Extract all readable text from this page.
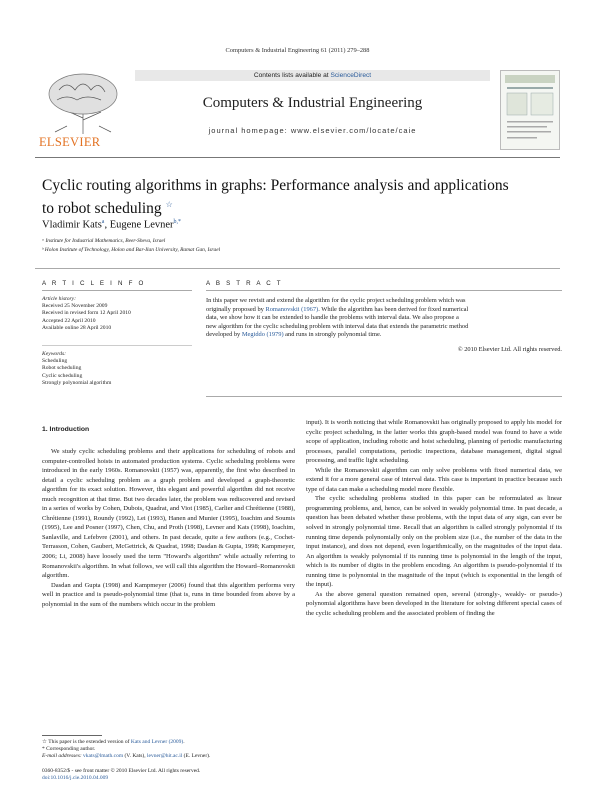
Computers & Industrial Engineering 61 (2011) 279–288
ELSEVIER
Contents lists available at ScienceDirect
Computers & Industrial Engineering
journal homepage: www.elsevier.com/locate/caie
Cyclic routing algorithms in graphs: Performance analysis and applications
to robot scheduling ☆
Vladimir Kats$^a$, Eugene Levner$^{b,*}$
ᵃ Institute for Industrial Mathematics, Beer-Sheva, Israel
ᵇ Holon Institute of Technology, Holon and Bar-Ilan University, Ramat Gan, Israel
A R T I C L E I N F O
Article history:
Received 25 November 2009
Received in revised form 12 April 2010
Accepted 22 April 2010
Available online 28 April 2010
Keywords:
Scheduling
Robot scheduling
Cyclic scheduling
Strongly polynomial algorithm
A B S T R A C T
In this paper we revisit and extend the algorithm for the cyclic project scheduling problem which was
originally proposed by Romanovskii (1967). While the algorithm has been derived for fixed numerical
data, we show how it can be extended to handle the problems with interval data. We also propose a
new algorithm for the cyclic scheduling problem with interval data that extends the parametric method
developed by Megiddo (1979) and runs in strongly polynomial time.
© 2010 Elsevier Ltd. All rights reserved.
1. Introduction

We study cyclic scheduling problems and their applications for scheduling of robots and computer-controlled hoists in automated production systems. Cyclic scheduling problems were introduced in the early 1960s. Romanovskii (1957) was, apparently, the first who described in detail a cyclic scheduling problem as a graph problem and developed a graph-theoretic algorithm for its exact solution. However, this elegant and powerful algorithm did not receive much recognition at that time. But two decades later, the problem was rediscovered and revised in a series of works by Cohen, Dubois, Quadrat, and Viot (1985), Carlier and Chrétienne (1988), Chrétienne (1991), Roundy (1992), Lei (1993), Hanen and Munier (1995), Ioachim and Soumis (1995), Lee and Posner (1997), Chen, Chu, and Proth (1998), Levner and Kats (1998), Ioachim, Sanlaville, and Lefebvre (2001), and others. In past decade, quite a few authors (e.g., Cochet-Terrasson, Cohen, Gaubert, McGettrick, & Quadrat, 1998; Dasdan & Gupta, 1998; Kampmeyer, 2006; Li, 2008) have loosely used the term "Howard's algorithm" while actually referring to Romanovskii's algorithm. In what follows, we will call this algorithm the Howard–Romanovskii algorithm.

Dasdan and Gupta (1998) and Kampmeyer (2006) found that this algorithm performs very well in practice and is pseudo-polynomial time (that is, runs in time bounded from above by a polynomial in the sum of the numbers which occur in the problem

input). It is worth noticing that while Romanovskii has originally proposed to apply his model for cyclic project scheduling, in the latter works this graph-based model was found to have a wide scope of application, including robotic and hoist scheduling, planning of periodic manufacturing processes, parallel computations, periodic inspections, database management, digital signal processing, and traffic light scheduling.

While the Romanovskii algorithm can only solve problems with fixed numerical data, we extend it for a more general case of interval data. This case is important in practice because such type of data can make a scheduling model more flexible.

The cyclic scheduling problems studied in this paper can be reformulated as linear programming problems, and, hence, can be solved in weakly polynomial time. In past decade, a question has been debated whether these problems, with the input data of any sign, can ever be solved in strongly polynomial time. Recall that an algorithm is called strongly polynomial if its running time depends polynomially only on the problem size (i.e., the number of the data in the input instance), and does not depend, even logarithmically, on the magnitudes of the input data. An algorithm is weakly polynomial if its running time is polynomial in the length of the input, which is its number of digits in the problem encoding. An algorithm is pseudo-polynomial if its running time is polynomial in the magnitude of the input (which is exponential in the length of the input).

As the above general question remained open, several (strongly-, weakly- or pseudo-) polynomial algorithms have been developed in the literature for solving different special cases of the cyclic scheduling problem and the associated problem of finding the

☆ This paper is the extended version of Kats and Levner (2009).
* Corresponding author.
E-mail addresses: vkats@lmath.com (V. Kats), levner@hit.ac.il (E. Levner).
0360-8352/$ - see front matter © 2010 Elsevier Ltd. All rights reserved.
doi:10.1016/j.cie.2010.04.009
